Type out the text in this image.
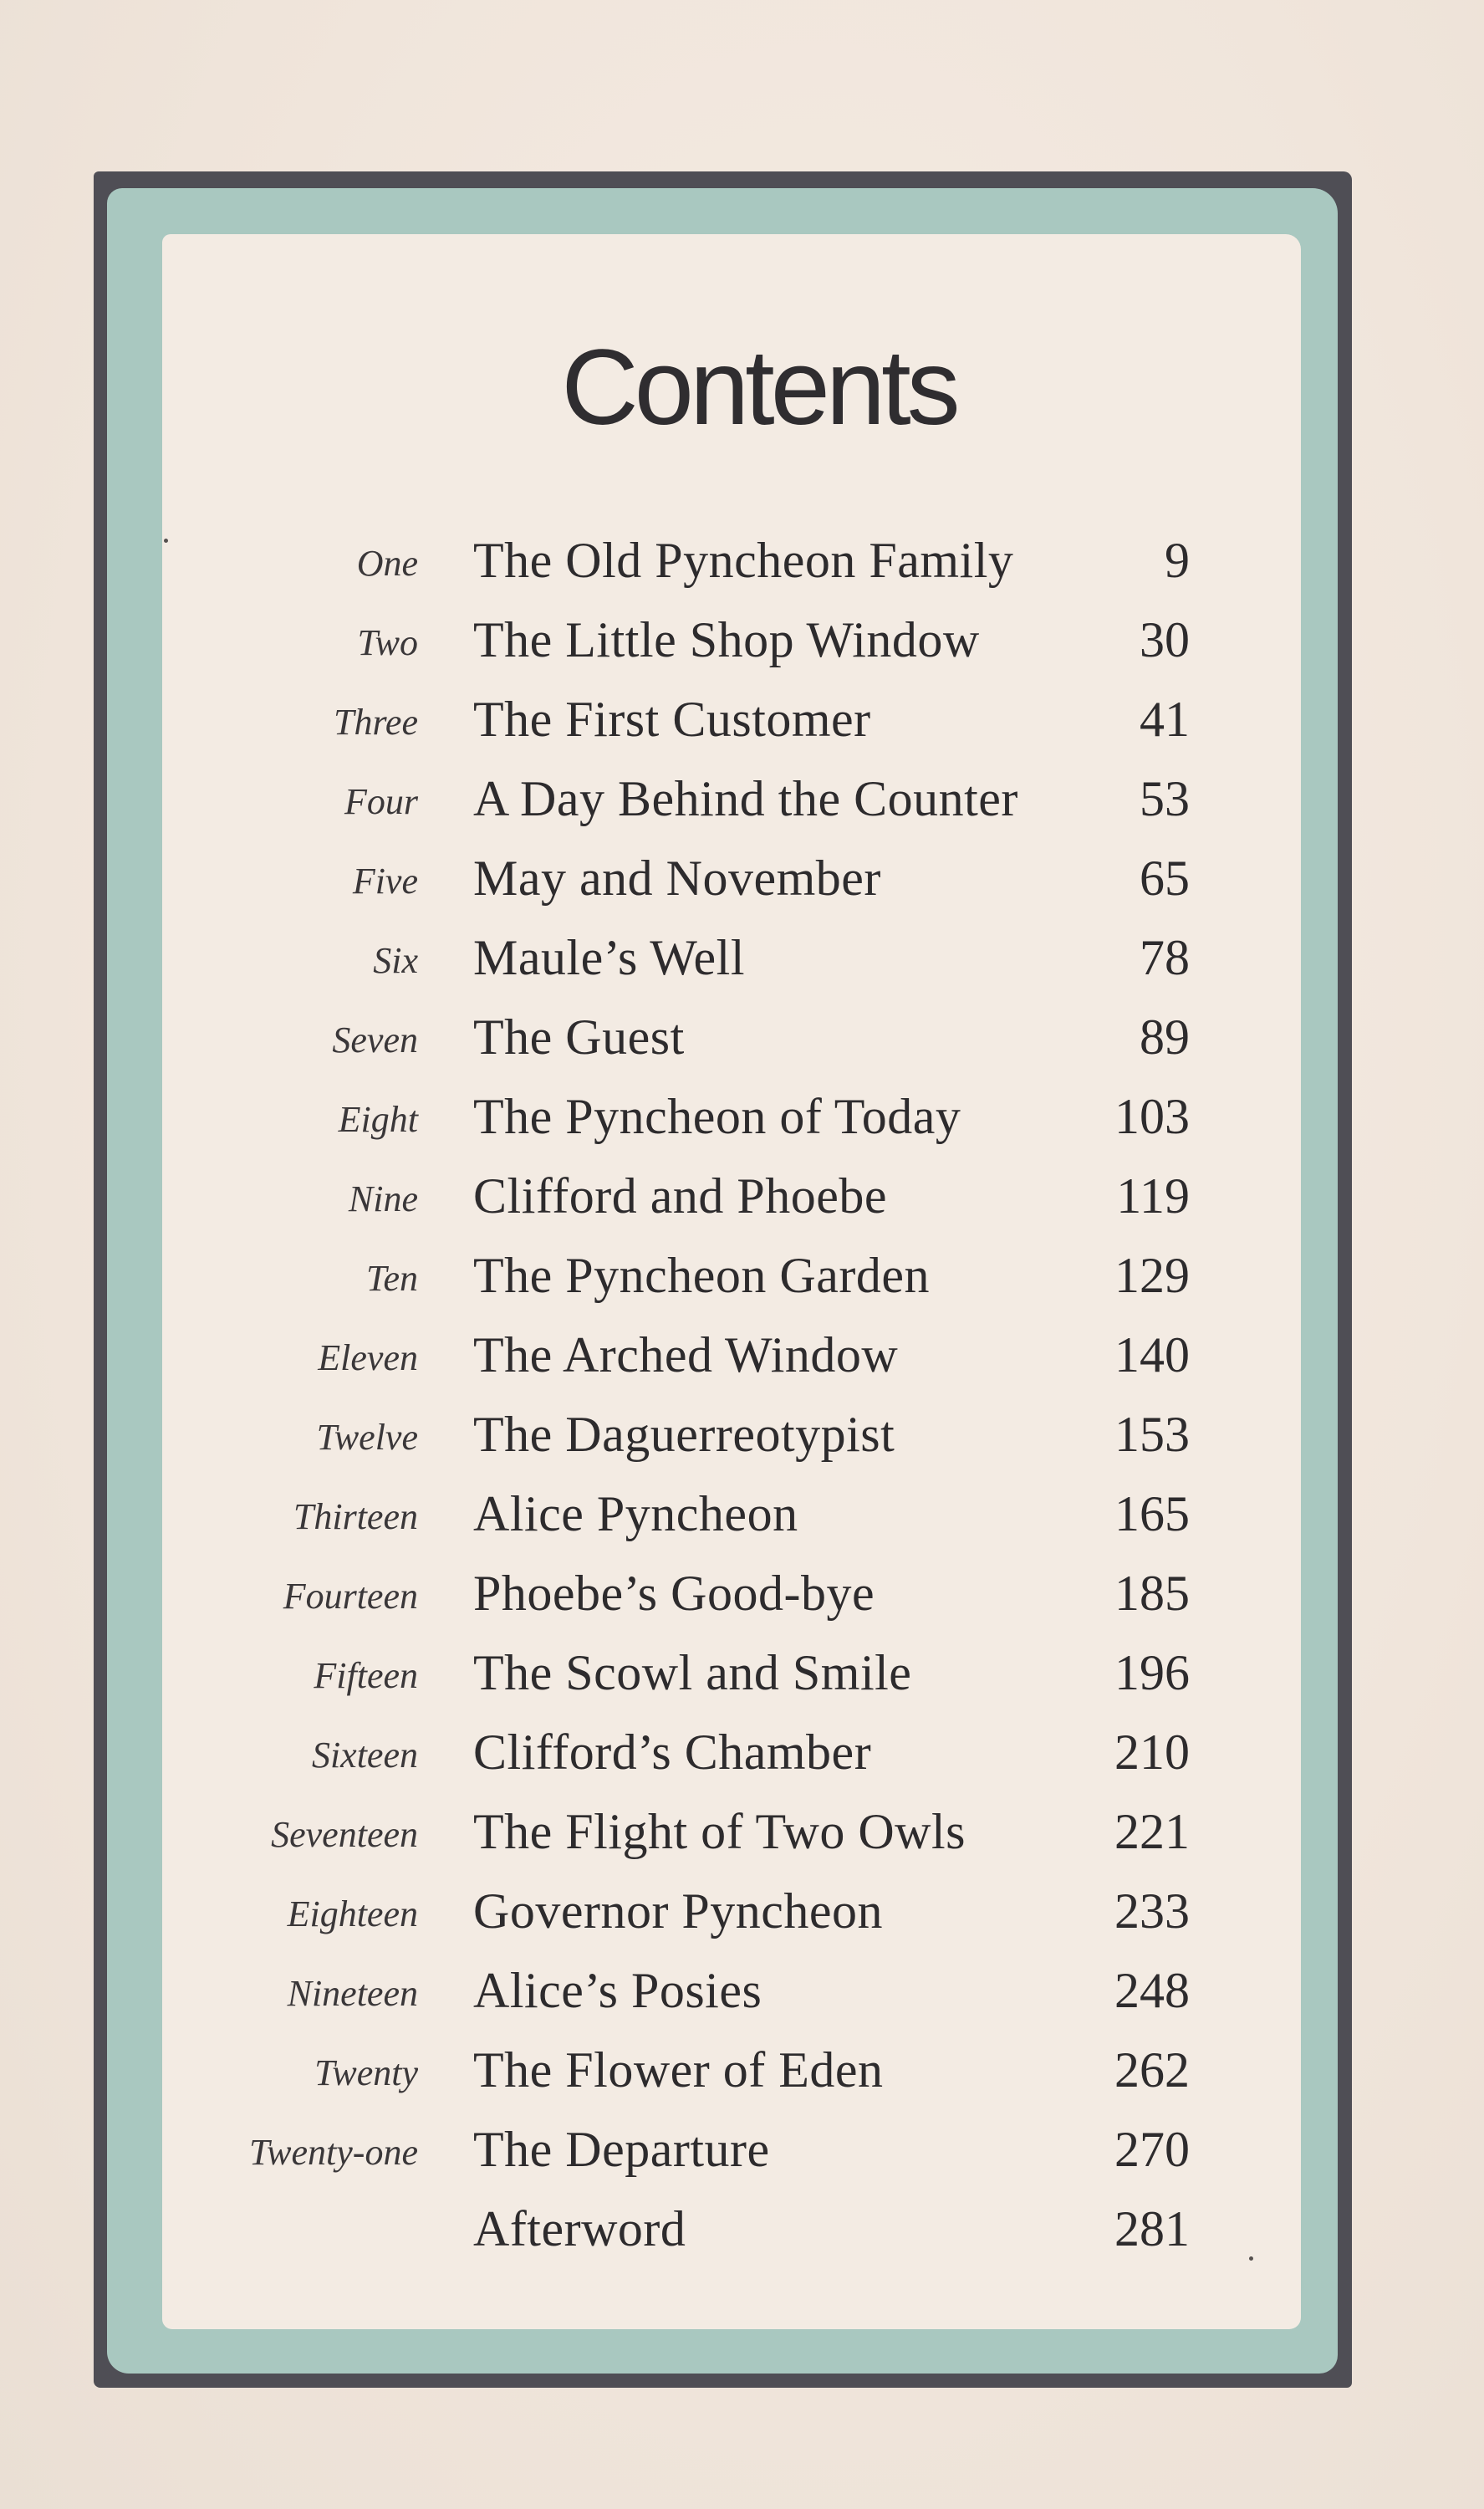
Contents
One The Old Pyncheon Family	9
Two The Little Shop Window	30
Three The First Customer	41
Four A Day Behind the Counter 53
Five May and November	65
Six Maule’s Well	78
Seven The Guest	89
Eight The Pyncheon of Today	103
Nine Clifford and Phoebe	119
Ten The Pyncheon Garden	129
Eleven The Arched Window	140
Twelve The Daguerreotypist	153
Thirteen Alice Pyncheon	165
Fourteen Phoebe’s Good-bye	185
Fifteen The Scowl and Smile	196
Sixteen Clifford’s Chamber	210
Seventeen The Flight of Two Owls	221
Eighteen Governor Pyncheon	233
Nineteen Alice’s Posies	248
Twenty The Flower of Eden	262
Twenty-one The Departure	270
Afterword	281
